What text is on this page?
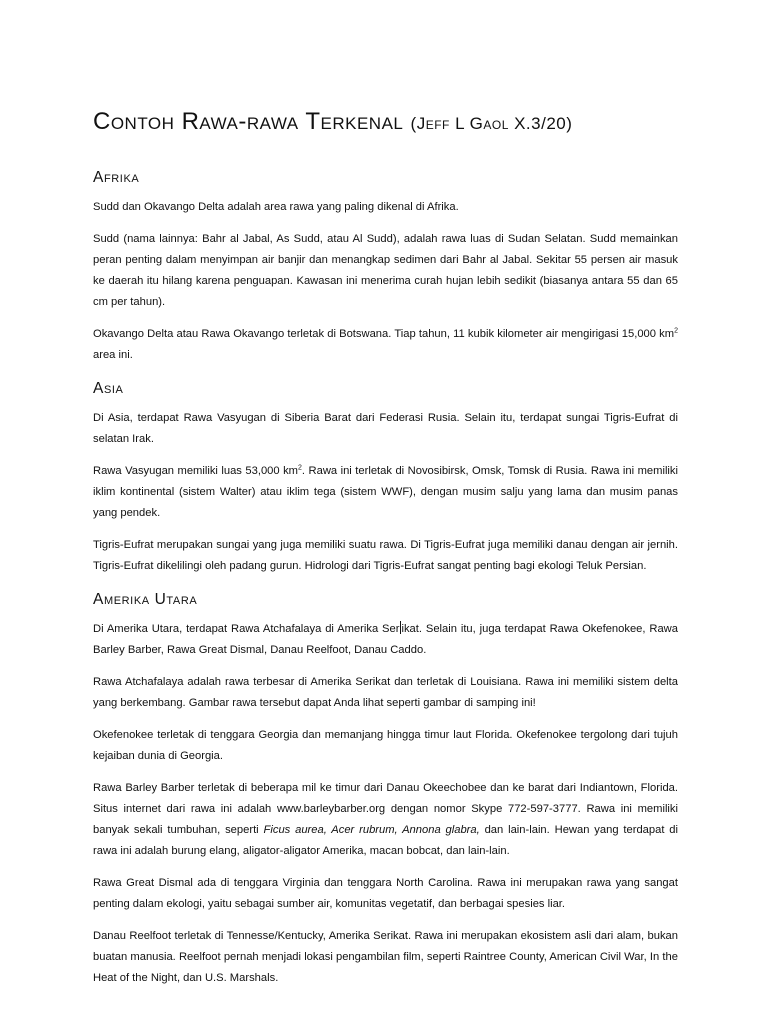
Contoh Rawa-rawa Terkenal (Jeff L Gaol X.3/20)
Afrika

Sudd dan Okavango Delta adalah area rawa yang paling dikenal di Afrika.

Sudd (nama lainnya: Bahr al Jabal, As Sudd, atau Al Sudd), adalah rawa luas di Sudan Selatan. Sudd memainkan peran penting dalam menyimpan air banjir dan menangkap sedimen dari Bahr al Jabal. Sekitar 55 persen air masuk ke daerah itu hilang karena penguapan. Kawasan ini menerima curah hujan lebih sedikit (biasanya antara 55 dan 65 cm per tahun).

Okavango Delta atau Rawa Okavango terletak di Botswana. Tiap tahun, 11 kubik kilometer air mengirigasi 15,000 $km^2$ area ini.

Asia

Di Asia, terdapat Rawa Vasyugan di Siberia Barat dari Federasi Rusia. Selain itu, terdapat sungai Tigris-Eufrat di selatan Irak.

Rawa Vasyugan memiliki luas 53,000 $km^2$. Rawa ini terletak di Novosibirsk, Omsk, Tomsk di Rusia. Rawa ini memiliki iklim kontinental (sistem Walter) atau iklim tega (sistem WWF), dengan musim salju yang lama dan musim panas yang pendek.

Tigris-Eufrat merupakan sungai yang juga memiliki suatu rawa. Di Tigris-Eufrat juga memiliki danau dengan air jernih. Tigris-Eufrat dikelilingi oleh padang gurun. Hidrologi dari Tigris-Eufrat sangat penting bagi ekologi Teluk Persian.

Amerika Utara

Di Amerika Utara, terdapat Rawa Atchafalaya di Amerika Ser ikat. Selain itu, juga terdapat Rawa Okefenokee, Rawa Barley Barber, Rawa Great Dismal, Danau Reelfoot, Danau Caddo.

Rawa Atchafalaya adalah rawa terbesar di Amerika Serikat dan terletak di Louisiana. Rawa ini memiliki sistem delta yang berkembang. Gambar rawa tersebut dapat Anda lihat seperti gambar di samping ini!

Okefenokee terletak di tenggara Georgia dan memanjang hingga timur laut Florida. Okefenokee tergolong dari tujuh kejaiban dunia di Georgia.

Rawa Barley Barber terletak di beberapa mil ke timur dari Danau Okeechobee dan ke barat dari Indiantown, Florida. Situs internet dari rawa ini adalah www.barleybarber.org dengan nomor Skype 772-597-3777. Rawa ini memiliki banyak sekali tumbuhan, seperti Ficus aurea, Acer rubrum, Annona glabra, dan lain-lain. Hewan yang terdapat di rawa ini adalah burung elang, aligator-aligator Amerika, macan bobcat, dan lain-lain.

Rawa Great Dismal ada di tenggara Virginia dan tenggara North Carolina. Rawa ini merupakan rawa yang sangat penting dalam ekologi, yaitu sebagai sumber air, komunitas vegetatif, dan berbagai spesies liar.

Danau Reelfoot terletak di Tennesse/Kentucky, Amerika Serikat. Rawa ini merupakan ekosistem asli dari alam, bukan buatan manusia. Reelfoot pernah menjadi lokasi pengambilan film, seperti Raintree County, American Civil War, In the Heat of the Night, dan U.S. Marshals.
